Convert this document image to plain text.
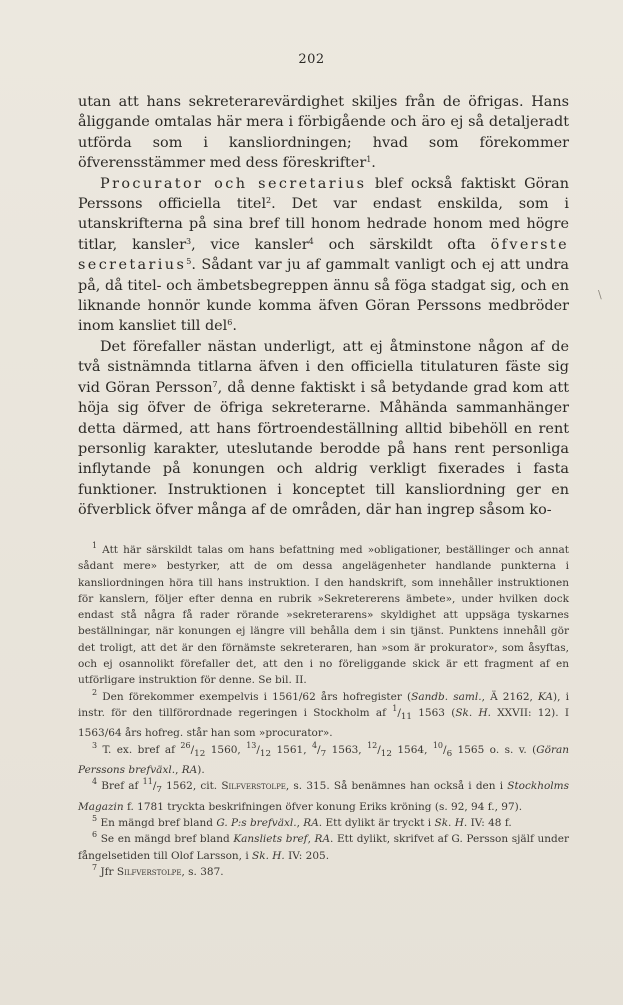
202

utan att hans sekreterarevärdighet skiljes från de öfrigas. Hans åliggande omtalas här mera i förbigående och äro ej så detaljeradt utförda som i kansliordningen; hvad som förekommer öfverensstämmer med dess föreskrifter$^1$.

Procurator och secretarius blef också faktiskt Göran Perssons officiella titel$^2$. Det var endast enskilda, som i utanskrifterna på sina bref till honom hedrade honom med högre titlar, kansler$^3$, vice kansler$^4$ och särskildt ofta öfverste secretarius$^5$. Sådant var ju af gammalt vanligt och ej att undra på, då titel- och ämbetsbegreppen ännu så föga stadgat sig, och en liknande honnör kunde komma äfven Göran Perssons medbröder inom kansliet till del$^6$.

Det förefaller nästan underligt, att ej åtminstone någon af de två sistnämnda titlarna äfven i den officiella titulaturen fäste sig vid Göran Persson$^7$, då denne faktiskt i så betydande grad kom att höja sig öfver de öfriga sekreterarne. Måhända sammanhänger detta därmed, att hans förtroendeställning alltid bibehöll en rent personlig karakter, uteslutande berodde på hans rent personliga inflytande på konungen och aldrig verkligt fixerades i fasta funktioner. Instruktionen i konceptet till kansliordning ger en öfverblick öfver många af de områden, där han ingrep såsom ko-

$^1$ Att här särskildt talas om hans befattning med »obligationer, beställinger och annat sådant mere» bestyrker, att de om dessa angelägenheter handlande punkterna i kansliordningen höra till hans instruktion. I den handskrift, som innehåller instruktionen för kanslern, följer efter denna en rubrik »Sekretererens ämbete», under hvilken dock endast stå några få rader rörande »sekreterarens» skyldighet att uppsäga tyskarnes beställningar, när konungen ej längre vill behålla dem i sin tjänst. Punktens innehåll gör det troligt, att det är den förnämste sekreteraren, han »som är prokurator», som åsyftas, och ej osannolikt förefaller det, att den i no föreliggande skick är ett fragment af en utförligare instruktion för denne. Se bil. II.

$^2$ Den förekommer exempelvis i 1561/62 års hofregister (Sandb. saml., Ä 2162, KA), i instr. för den tillförordnade regeringen i Stockholm af $^1/_{11}$ 1563 (Sk. H. XXVII: 12). I 1563/64 års hofreg. står han som »procurator».

$^3$ T. ex. bref af $^{26}/_{12}$ 1560, $^{13}/_{12}$ 1561, $^4/_7$ 1563, $^{12}/_{12}$ 1564, $^{10}/_6$ 1565 o. s. v. (Göran Perssons brefväxl., RA).

$^4$ Bref af $^{11}/_7$ 1562, cit. Silfverstolpe, s. 315. Så benämnes han också i den i Stockholms Magazin f. 1781 tryckta beskrifningen öfver konung Eriks kröning (s. 92, 94 f., 97).

$^5$ En mängd bref bland G. P:s brefväxl., RA. Ett dylikt är tryckt i Sk. H. IV: 48 f.

$^6$ Se en mängd bref bland Kansliets bref, RA. Ett dylikt, skrifvet af G. Persson själf under fångelsetiden till Olof Larsson, i Sk. H. IV: 205.

$^7$ Jfr Silfverstolpe, s. 387.

\
